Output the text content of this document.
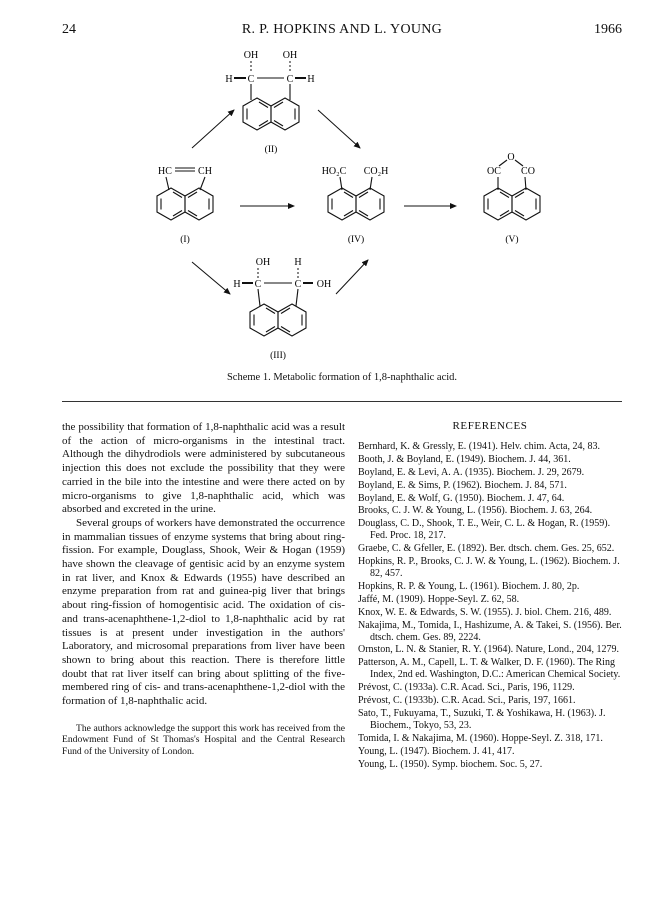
24	R. P. HOPKINS AND L. YOUNG	1966
OH OH
H C	C H
(II)
HC	CH
(I)
HO₂C CO₂H
(IV)
O
OC CO
(V)
OH H
H C	C OH
(III)
Scheme 1. Metabolic formation of 1,8-naphthalic acid.

the possibility that formation of 1,8-naphthalic acid was a result of the action of micro-organisms in the intestinal tract. Although the dihydrodiols were administered by subcutaneous injection this does not exclude the possibility that they were carried in the bile into the intestine and were there acted on by micro-organisms to give 1,8-naphthalic acid, which was absorbed and excreted in the urine.

Several groups of workers have demonstrated the occurrence in mammalian tissues of enzyme systems that bring about ring-fission. For example, Douglass, Shook, Weir & Hogan (1959) have shown the cleavage of gentisic acid by an enzyme system in rat liver, and Knox & Edwards (1955) have described an enzyme preparation from rat and guinea-pig liver that brings about ring-fission of homogentisic acid. The oxidation of cis- and trans-acenaphthene-1,2-diol to 1,8-naphthalic acid by rat tissues is at present under investigation in the authors' Laboratory, and microsomal preparations from liver have been shown to bring about this reaction. There is therefore little doubt that rat liver itself can bring about splitting of the five-membered ring of cis- and trans-acenaphthene-1,2-diol with the formation of 1,8-naphthalic acid.

The authors acknowledge the support this work has received from the Endowment Fund of St Thomas's Hospital and the Central Research Fund of the University of London.

REFERENCES
Bernhard, K. & Gressly, E. (1941). Helv. chim. Acta, 24, 83.
Booth, J. & Boyland, E. (1949). Biochem. J. 44, 361.
Boyland, E. & Levi, A. A. (1935). Biochem. J. 29, 2679.
Boyland, E. & Sims, P. (1962). Biochem. J. 84, 571.
Boyland, E. & Wolf, G. (1950). Biochem. J. 47, 64.
Brooks, C. J. W. & Young, L. (1956). Biochem. J. 63, 264.
Douglass, C. D., Shook, T. E., Weir, C. L. & Hogan, R. (1959). Fed. Proc. 18, 217.
Graebe, C. & Gfeller, E. (1892). Ber. dtsch. chem. Ges. 25, 652.
Hopkins, R. P., Brooks, C. J. W. & Young, L. (1962). Biochem. J. 82, 457.
Hopkins, R. P. & Young, L. (1961). Biochem. J. 80, 2p.
Jaffé, M. (1909). Hoppe-Seyl. Z. 62, 58.
Knox, W. E. & Edwards, S. W. (1955). J. biol. Chem. 216, 489.
Nakajima, M., Tomida, I., Hashizume, A. & Takei, S. (1956). Ber. dtsch. chem. Ges. 89, 2224.
Ornston, L. N. & Stanier, R. Y. (1964). Nature, Lond., 204, 1279.
Patterson, A. M., Capell, L. T. & Walker, D. F. (1960). The Ring Index, 2nd ed. Washington, D.C.: American Chemical Society.
Prévost, C. (1933a). C.R. Acad. Sci., Paris, 196, 1129.
Prévost, C. (1933b). C.R. Acad. Sci., Paris, 197, 1661.
Sato, T., Fukuyama, T., Suzuki, T. & Yoshikawa, H. (1963). J. Biochem., Tokyo, 53, 23.
Tomida, I. & Nakajima, M. (1960). Hoppe-Seyl. Z. 318, 171.
Young, L. (1947). Biochem. J. 41, 417.
Young, L. (1950). Symp. biochem. Soc. 5, 27.
